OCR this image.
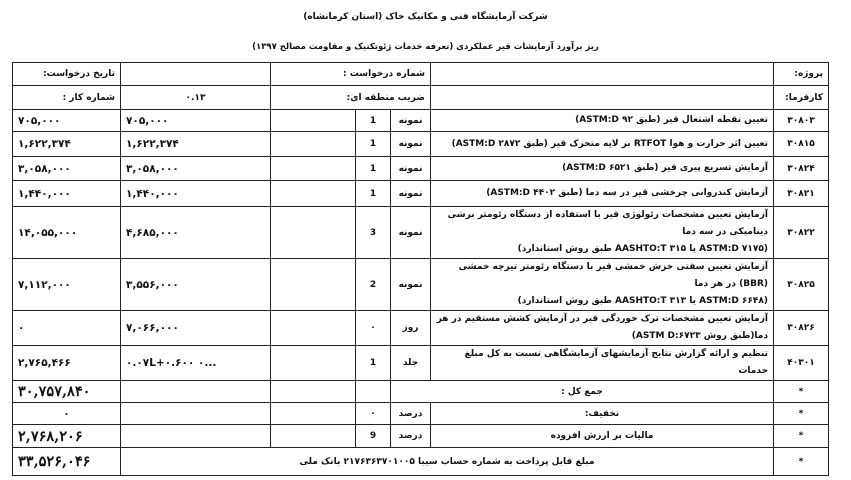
شرکت آزمایشگاه فنی و مکانیک خاک (استان کرمانشاه)
ریز برآورد آزمایشات قیر عملکردی (تعرفه خدمات ژئوتکنیک و مقاومت مصالح ۱۳۹۷)
پروژه:		شماره درخواست :				تاریخ درخواست:
کارفرما:		ضریب منطقه ای:			۰.۱۳	شماره کار :
۳۰۸۰۳	تعیین نقطه اشتعال قیر (طبق ASTM:D ۹۲)	نمونه	1		۷۰۵,۰۰۰	۷۰۵,۰۰۰
۳۰۸۱۵	تعیین اثر حرارت و هوا RTFOT بر لایه متحرک قیر (طبق ASTM:D ۲۸۷۲)	نمونه	1		۱,۶۲۲,۳۷۴	۱,۶۲۲,۳۷۴
۳۰۸۲۴	آزمایش تسریع پیری قیر (طبق ASTM:D ۶۵۲۱)	نمونه	1		۳,۰۵۸,۰۰۰	۳,۰۵۸,۰۰۰
۳۰۸۲۱	آزمایش کندروانی چرخشی قیر در سه دما (طبق ASTM:D ۴۴۰۲)	نمونه	1		۱,۴۴۰,۰۰۰	۱,۴۴۰,۰۰۰
۳۰۸۲۲	آزمایش تعیین مشخصات رئولوژی قیر با استفاده از دستگاه رئومتر برشی دینامیکی در سه دما
(ASTM:D ۷۱۷۵ یا AASHTO:T ۳۱۵ طبق روش استاندارد)	نمونه	3		۴,۶۸۵,۰۰۰	۱۴,۰۵۵,۰۰۰
۳۰۸۲۵	آزمایش تعیین سفتی خزش خمشی قیر با دستگاه رئومتر تیرچه خمشی (BBR) در هر دما
(ASTM:D ۶۶۴۸ یا AASHTO:T ۳۱۳ طبق روش استاندارد)	نمونه	2		۳,۵۵۶,۰۰۰	۷,۱۱۲,۰۰۰
۳۰۸۲۶	آزمایش تعیین مشخصات ترک خوردگی قیر در آزمایش کشش مستقیم در هر دما(طبق روش ASTM D:۶۷۲۳)	روز	۰		۷,۰۶۶,۰۰۰	۰
۴۰۳۰۱	تنظیم و ارائه گزارش نتایج آزمایشهای آزمایشگاهی نسبت به کل مبلغ خدمات	جلد	1		۰.۰۷L+۰.۶۰۰ ۰...	۲,۷۶۵,۴۶۶
*	جمع کل :					۳۰,۷۵۷,۸۴۰
*	تخفیف:	درصد	۰			۰
*	مالیات بر ارزش افزوده	درصد	9			۲,۷۶۸,۲۰۶
*	مبلغ قابل پرداخت به شماره حساب سیبا ۲۱۷۶۳۶۳۷۰۱۰۰۵ بانک ملی					۳۳,۵۲۶,۰۴۶
